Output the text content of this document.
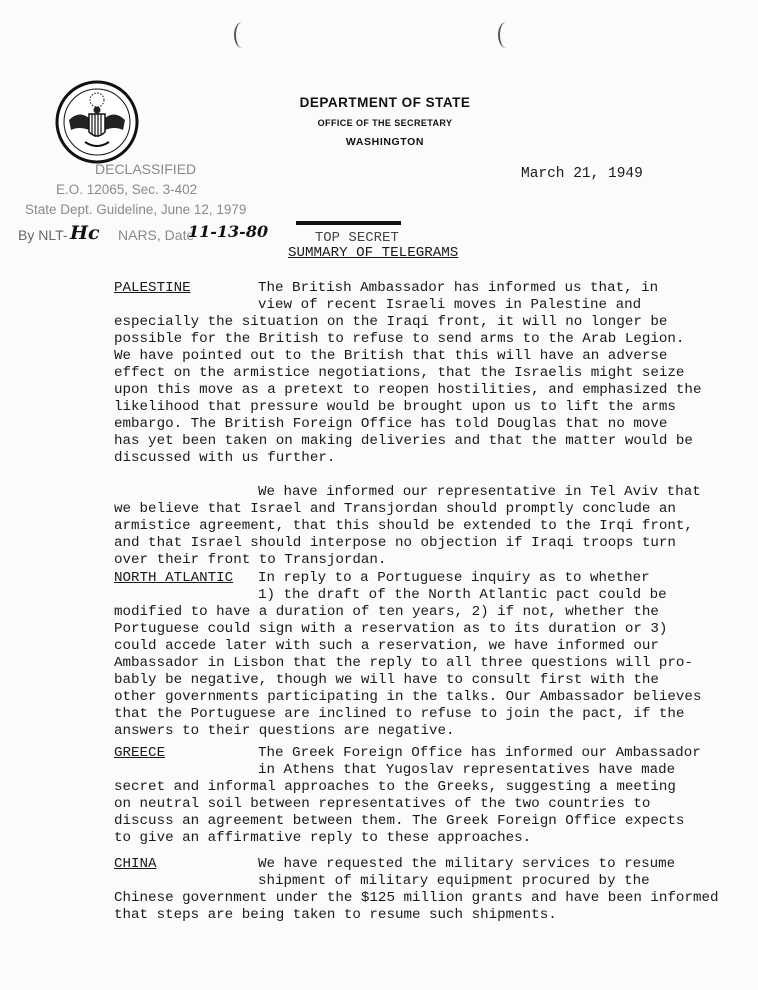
DEPARTMENT OF STATE
OFFICE OF THE SECRETARY
WASHINGTON
DECLASSIFIED
E.O. 12065, Sec. 3-402
State Dept. Guideline, June 12, 1979
By NLT- Hc NARS, Date
11-13-80
March 21, 1949

TOP SECRET

SUMMARY OF TELEGRAMS
PALESTINE	The British Ambassador has informed us that, in
view of recent Israeli moves in Palestine and
especially the situation on the Iraqi front, it will no longer be
possible for the British to refuse to send arms to the Arab Legion.
We have pointed out to the British that this will have an adverse
effect on the armistice negotiations, that the Israelis might seize
upon this move as a pretext to reopen hostilities, and emphasized the
likelihood that pressure would be brought upon us to lift the arms
embargo. The British Foreign Office has told Douglas that no move
has yet been taken on making deliveries and that the matter would be
discussed with us further.
We have informed our representative in Tel Aviv that
we believe that Israel and Transjordan should promptly conclude an
armistice agreement, that this should be extended to the Irqi front,
and that Israel should interpose no objection if Iraqi troops turn
over their front to Transjordan.
NORTH ATLANTIC In reply to a Portuguese inquiry as to whether
1) the draft of the North Atlantic pact could be
modified to have a duration of ten years, 2) if not, whether the
Portuguese could sign with a reservation as to its duration or 3)
could accede later with such a reservation, we have informed our
Ambassador in Lisbon that the reply to all three questions will pro-
bably be negative, though we will have to consult first with the
other governments participating in the talks. Our Ambassador believes
that the Portuguese are inclined to refuse to join the pact, if the
answers to their questions are negative.
GREECE	The Greek Foreign Office has informed our Ambassador
in Athens that Yugoslav representatives have made
secret and informal approaches to the Greeks, suggesting a meeting
on neutral soil between representatives of the two countries to
discuss an agreement between them. The Greek Foreign Office expects
to give an affirmative reply to these approaches.
CHINA	We have requested the military services to resume
shipment of military equipment procured by the
Chinese government under the $125 million grants and have been informed
that steps are being taken to resume such shipments.
